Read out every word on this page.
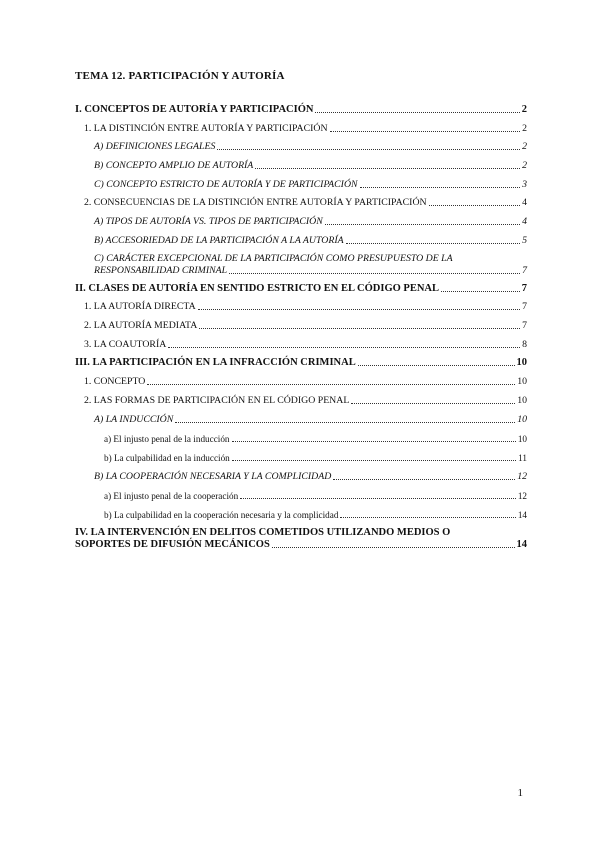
TEMA 12. PARTICIPACIÓN Y AUTORÍA
I. CONCEPTOS DE AUTORÍA Y PARTICIPACIÓN	2
1. LA DISTINCIÓN ENTRE AUTORÍA Y PARTICIPACIÓN	2
A) DEFINICIONES LEGALES	2
B) CONCEPTO AMPLIO DE AUTORÍA	2
C) CONCEPTO ESTRICTO DE AUTORÍA Y DE PARTICIPACIÓN	3
2. CONSECUENCIAS DE LA DISTINCIÓN ENTRE AUTORÍA Y PARTICIPACIÓN	4
A) TIPOS DE AUTORÍA VS. TIPOS DE PARTICIPACIÓN	4
B) ACCESORIEDAD DE LA PARTICIPACIÓN A LA AUTORÍA	5
C) CARÁCTER EXCEPCIONAL DE LA PARTICIPACIÓN COMO PRESUPUESTO DE LA
RESPONSABILIDAD CRIMINAL	7
II. CLASES DE AUTORÍA EN SENTIDO ESTRICTO EN EL CÓDIGO PENAL	7
1. LA AUTORÍA DIRECTA	7
2. LA AUTORÍA MEDIATA	7
3. LA COAUTORÍA	8
III. LA PARTICIPACIÓN EN LA INFRACCIÓN CRIMINAL	10
1. CONCEPTO	10
2. LAS FORMAS DE PARTICIPACIÓN EN EL CÓDIGO PENAL	10
A) LA INDUCCIÓN	10
a) El injusto penal de la inducción	10
b) La culpabilidad en la inducción	11
B) LA COOPERACIÓN NECESARIA Y LA COMPLICIDAD	12
a) El injusto penal de la cooperación	12
b) La culpabilidad en la cooperación necesaria y la complicidad	14
IV. LA INTERVENCIÓN EN DELITOS COMETIDOS UTILIZANDO MEDIOS O
SOPORTES DE DIFUSIÓN MECÁNICOS	14
1
